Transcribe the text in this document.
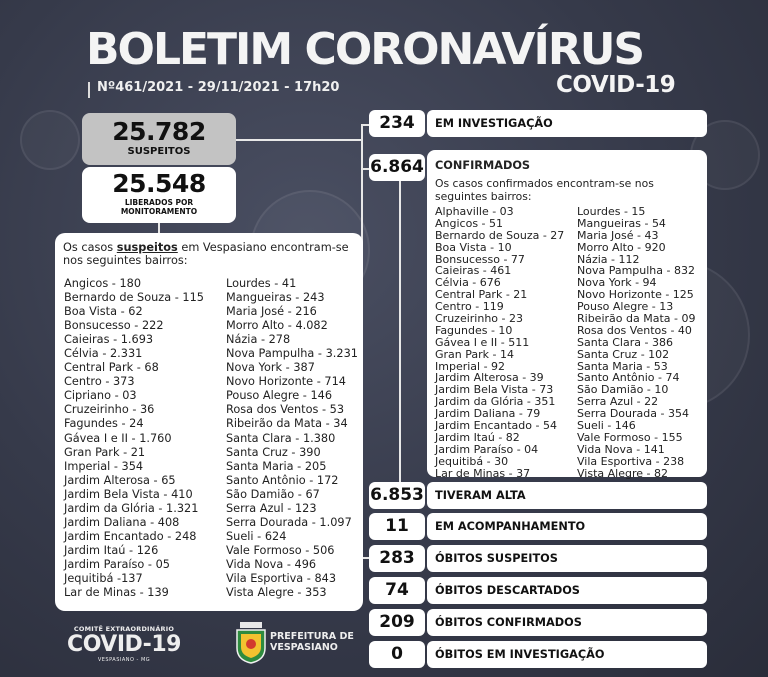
BOLETIM CORONAVÍRUS
Nº461/2021 - 29/11/2021 - 17h20	COVID-19
25.782
SUSPEITOS
25.548
LIBERADOS POR
MONITORAMENTO
Os casos suspeitos em Vespasiano encontram-se nos seguintes bairros:
Angicos - 180
Bernardo de Souza - 115
Boa Vista - 62
Bonsucesso - 222
Caieiras - 1.693
Célvia - 2.331
Central Park - 68
Centro - 373
Cipriano - 03
Cruzeirinho - 36
Fagundes - 24
Gávea I e II - 1.760
Gran Park - 21
Imperial - 354
Jardim Alterosa - 65
Jardim Bela Vista - 410
Jardim da Glória - 1.321
Jardim Daliana - 408
Jardim Encantado - 248
Jardim Itaú - 126
Jardim Paraíso - 05
Jequitibá -137
Lar de Minas - 139
Lourdes - 41
Mangueiras - 243
Maria José - 216
Morro Alto - 4.082
Názia - 278
Nova Pampulha - 3.231
Nova York - 387
Novo Horizonte - 714
Pouso Alegre - 146
Rosa dos Ventos - 53
Ribeirão da Mata - 34
Santa Clara - 1.380
Santa Cruz - 390
Santa Maria - 205
Santo Antônio - 172
São Damião - 67
Serra Azul - 123
Serra Dourada - 1.097
Sueli - 624
Vale Formoso - 506
Vida Nova - 496
Vila Esportiva - 843
Vista Alegre - 353
234	EM INVESTIGAÇÃO
6.864 CONFIRMADOS
Os casos confirmados encontram-se nos seguintes bairros:
Alphaville - 03
Angicos - 51
Bernardo de Souza - 27
Boa Vista - 10
Bonsucesso - 77
Caieiras - 461
Célvia - 676
Central Park - 21
Centro - 119
Cruzeirinho - 23
Fagundes - 10
Gávea I e II - 511
Gran Park - 14
Imperial - 92
Jardim Alterosa - 39
Jardim Bela Vista - 73
Jardim da Glória - 351
Jardim Daliana - 79
Jardim Encantado - 54
Jardim Itaú - 82
Jardim Paraíso - 04
Jequitibá - 30
Lar de Minas - 37
Lourdes - 15
Mangueiras - 54
Maria José - 43
Morro Alto - 920
Názia - 112
Nova Pampulha - 832
Nova York - 94
Novo Horizonte - 125
Pouso Alegre - 13
Ribeirão da Mata - 09
Rosa dos Ventos - 40
Santa Clara - 386
Santa Cruz - 102
Santa Maria - 53
Santo Antônio - 74
São Damião - 10
Serra Azul - 22
Serra Dourada - 354
Sueli - 146
Vale Formoso - 155
Vida Nova - 141
Vila Esportiva - 238
Vista Alegre - 82
6.853 TIVERAM ALTA
11	EM ACOMPANHAMENTO
283	ÓBITOS SUSPEITOS
74	ÓBITOS DESCARTADOS
209	ÓBITOS CONFIRMADOS
0	ÓBITOS EM INVESTIGAÇÃO
COMITÊ EXTRAORDINÁRIO
COVID-19
VESPASIANO - MG
PREFEITURA DE
VESPASIANO
